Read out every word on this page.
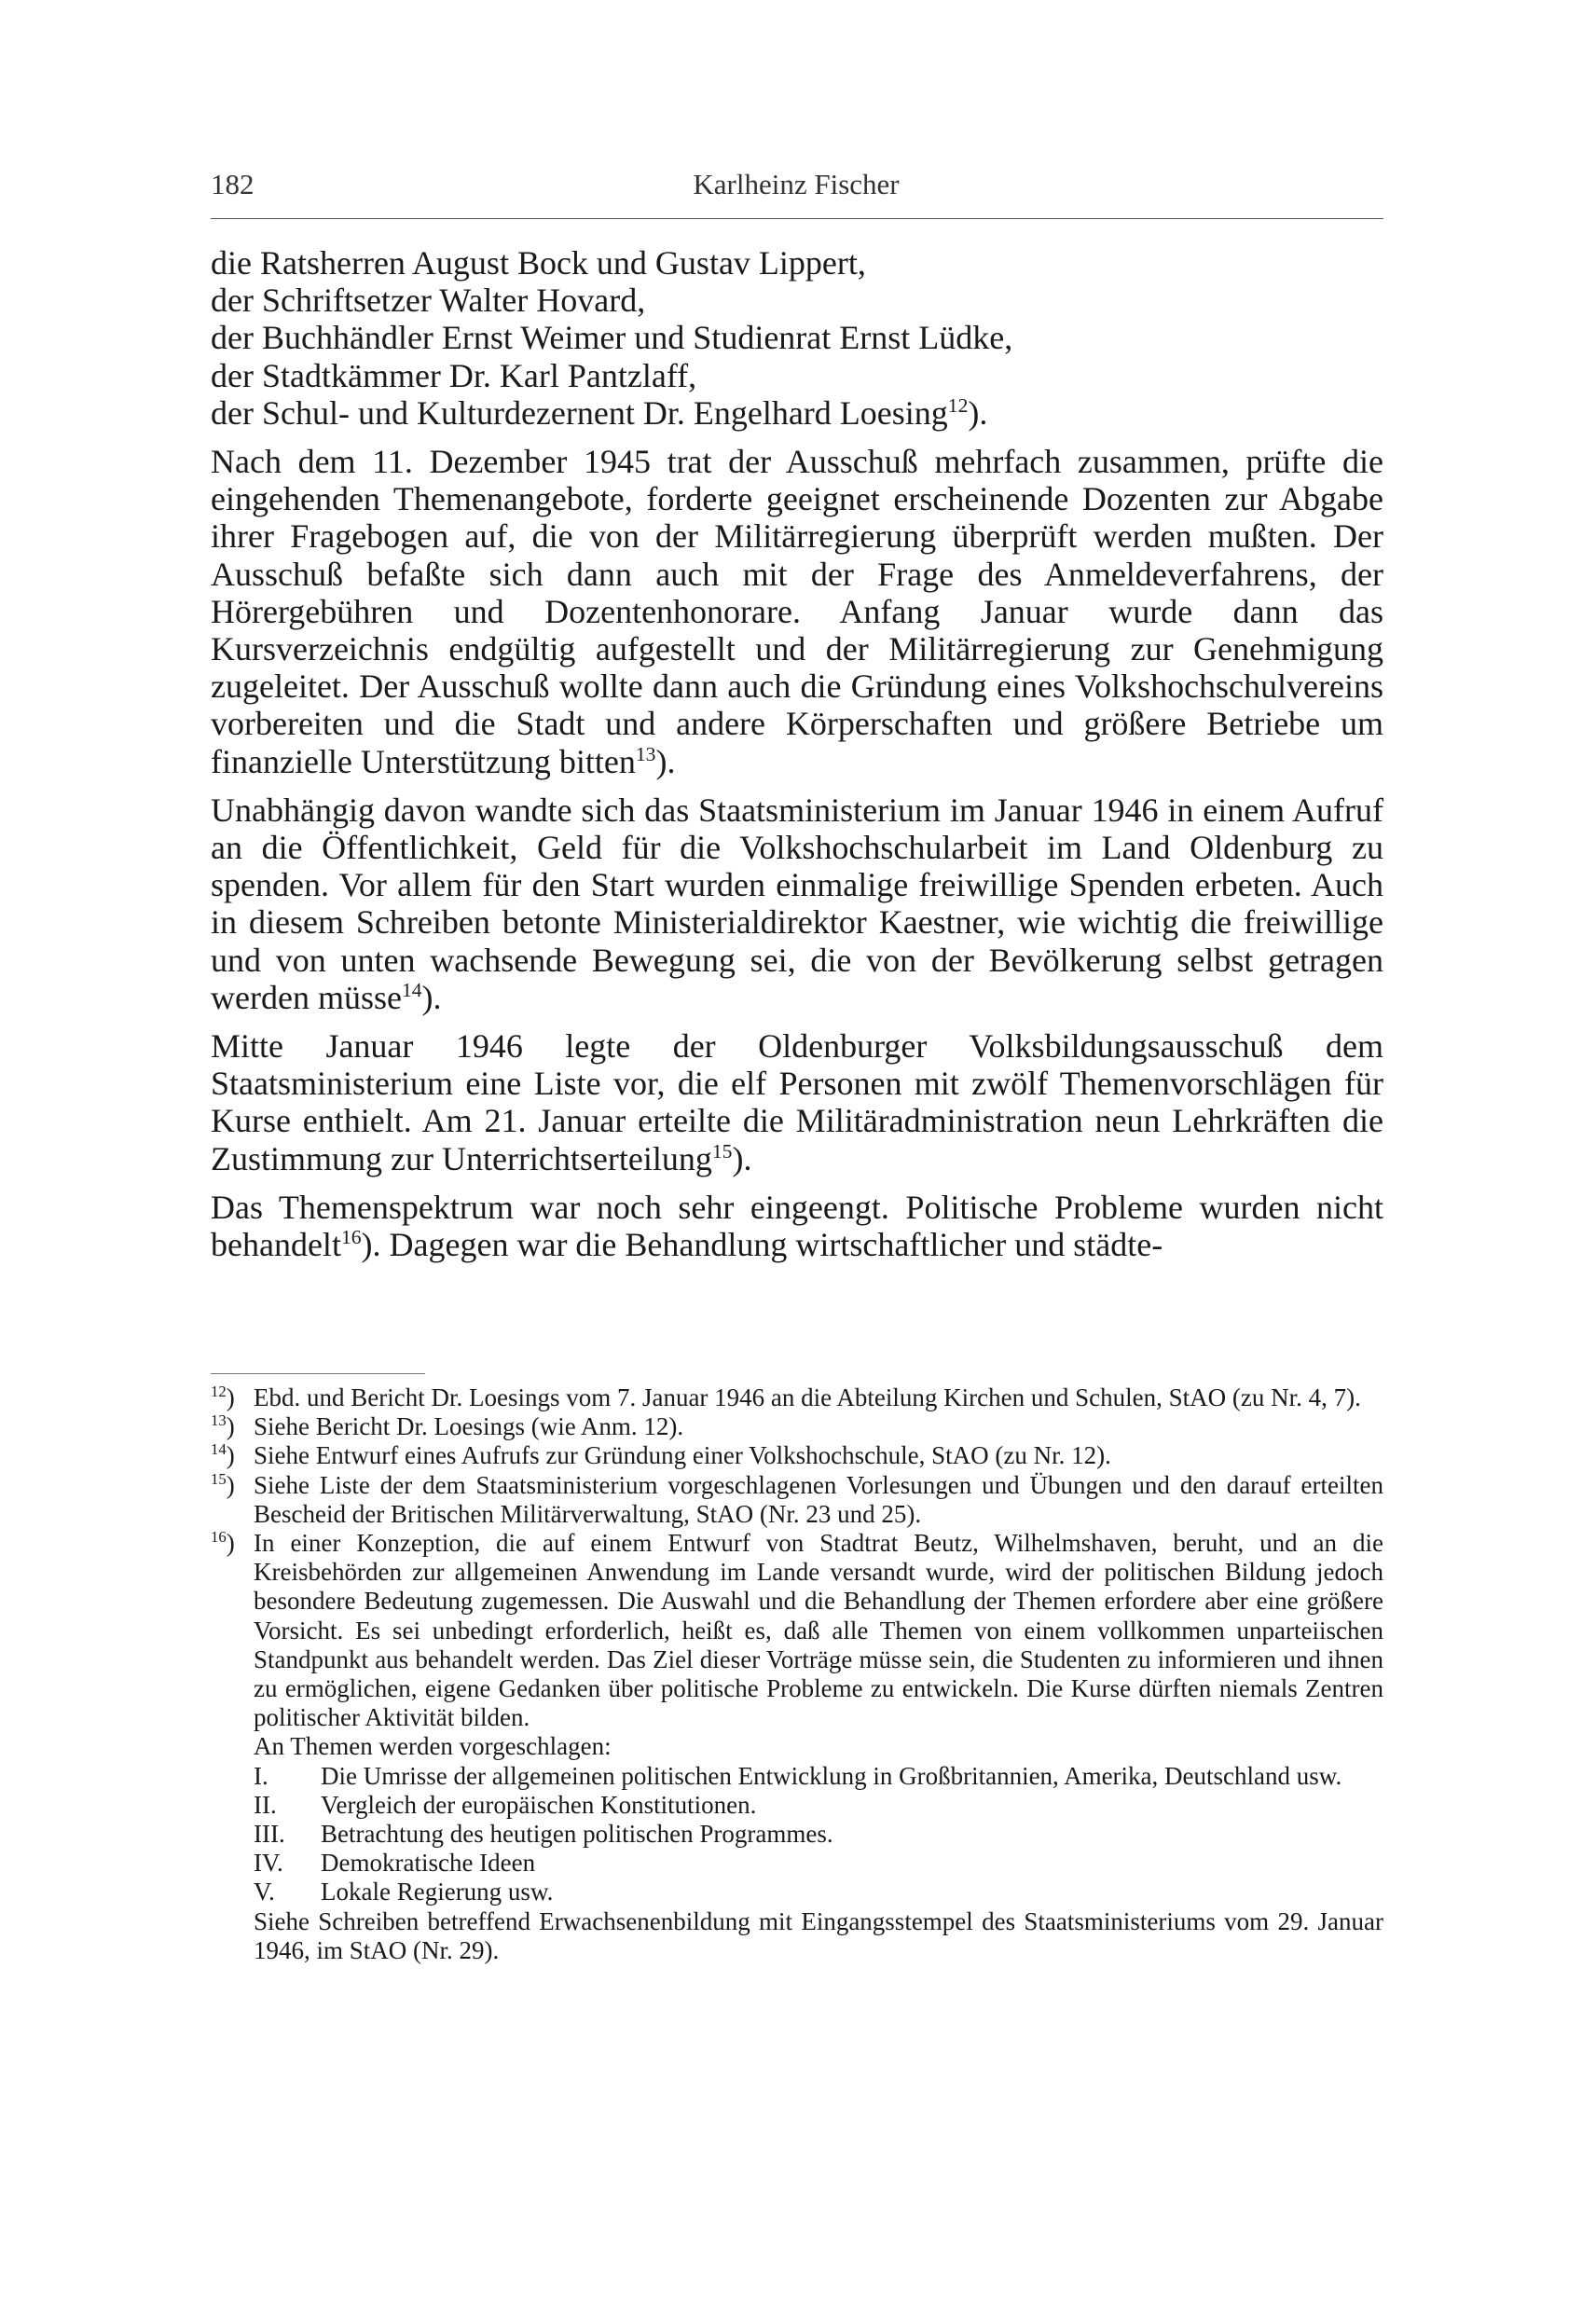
182	Karlheinz Fischer
die Ratsherren August Bock und Gustav Lippert,
der Schriftsetzer Walter Hovard,
der Buchhändler Ernst Weimer und Studienrat Ernst Lüdke,
der Stadtkämmer Dr. Karl Pantzlaff,
der Schul- und Kulturdezernent Dr. Engelhard Loesing$^{12}$).

Nach dem 11. Dezember 1945 trat der Ausschuß mehrfach zusammen, prüfte die eingehenden Themenangebote, forderte geeignet erscheinende Dozenten zur Abgabe ihrer Fragebogen auf, die von der Militärregierung überprüft werden mußten. Der Ausschuß befaßte sich dann auch mit der Frage des Anmeldeverfahrens, der Hörergebühren und Dozentenhonorare. Anfang Januar wurde dann das Kursverzeichnis endgültig aufgestellt und der Militärregierung zur Genehmigung zugeleitet. Der Ausschuß wollte dann auch die Gründung eines Volkshochschulvereins vorbereiten und die Stadt und andere Körperschaften und größere Betriebe um finanzielle Unterstützung bitten$^{13}$).

Unabhängig davon wandte sich das Staatsministerium im Januar 1946 in einem Aufruf an die Öffentlichkeit, Geld für die Volkshochschularbeit im Land Oldenburg zu spenden. Vor allem für den Start wurden einmalige freiwillige Spenden erbeten. Auch in diesem Schreiben betonte Ministerialdirektor Kaestner, wie wichtig die freiwillige und von unten wachsende Bewegung sei, die von der Bevölkerung selbst getragen werden müsse$^{14}$).

Mitte Januar 1946 legte der Oldenburger Volksbildungsausschuß dem Staatsministerium eine Liste vor, die elf Personen mit zwölf Themenvorschlägen für Kurse enthielt. Am 21. Januar erteilte die Militäradministration neun Lehrkräften die Zustimmung zur Unterrichtserteilung$^{15}$).

Das Themenspektrum war noch sehr eingeengt. Politische Probleme wurden nicht behandelt$^{16}$). Dagegen war die Behandlung wirtschaftlicher und städte-

$^{12}$) Ebd. und Bericht Dr. Loesings vom 7. Januar 1946 an die Abteilung Kirchen und Schulen, StAO (zu Nr. 4, 7).
$^{13}$) Siehe Bericht Dr. Loesings (wie Anm. 12).
$^{14}$) Siehe Entwurf eines Aufrufs zur Gründung einer Volkshochschule, StAO (zu Nr. 12).
$^{15}$) Siehe Liste der dem Staatsministerium vorgeschlagenen Vorlesungen und Übungen und den darauf erteilten Bescheid der Britischen Militärverwaltung, StAO (Nr. 23 und 25).
$^{16}$) In einer Konzeption, die auf einem Entwurf von Stadtrat Beutz, Wilhelmshaven, beruht, und an die Kreisbehörden zur allgemeinen Anwendung im Lande versandt wurde, wird der politischen Bildung jedoch besondere Bedeutung zugemessen. Die Auswahl und die Behandlung der Themen erfordere aber eine größere Vorsicht. Es sei unbedingt erforderlich, heißt es, daß alle Themen von einem vollkommen unparteiischen Standpunkt aus behandelt werden. Das Ziel dieser Vorträge müsse sein, die Studenten zu informieren und ihnen zu ermöglichen, eigene Gedanken über politische Probleme zu entwickeln. Die Kurse dürften niemals Zentren politischer Aktivität bilden.

An Themen werden vorgeschlagen:

I. Die Umrisse der allgemeinen politischen Entwicklung in Großbritannien, Amerika, Deutschland usw.
II. Vergleich der europäischen Konstitutionen.
III. Betrachtung des heutigen politischen Programmes.
IV. Demokratische Ideen
V. Lokale Regierung usw.

Siehe Schreiben betreffend Erwachsenenbildung mit Eingangsstempel des Staatsministeriums vom 29. Januar 1946, im StAO (Nr. 29).
